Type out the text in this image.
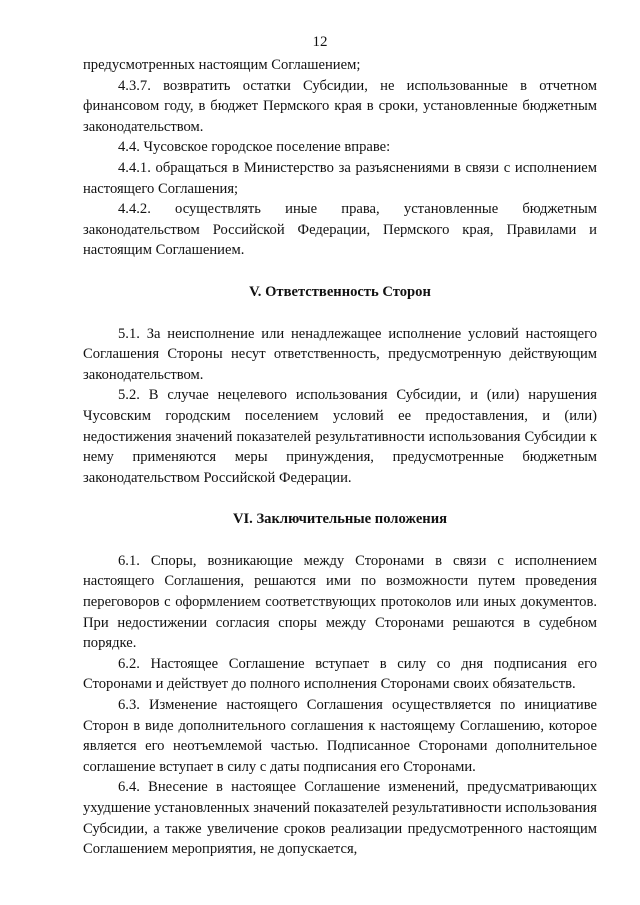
12

предусмотренных настоящим Соглашением;

4.3.7. возвратить остатки Субсидии, не использованные в отчетном финансовом году, в бюджет Пермского края в сроки, установленные бюджетным законодательством.

4.4. Чусовское городское поселение вправе:

4.4.1. обращаться в Министерство за разъяснениями в связи с исполнением настоящего Соглашения;

4.4.2. осуществлять иные права, установленные бюджетным законодательством Российской Федерации, Пермского края, Правилами и настоящим Соглашением.

V. Ответственность Сторон

5.1. За неисполнение или ненадлежащее исполнение условий настоящего Соглашения Стороны несут ответственность, предусмотренную действующим законодательством.

5.2. В случае нецелевого использования Субсидии, и (или) нарушения Чусовским городским поселением условий ее предоставления, и (или) недостижения значений показателей результативности использования Субсидии к нему применяются меры принуждения, предусмотренные бюджетным законодательством Российской Федерации.

VI. Заключительные положения

6.1. Споры, возникающие между Сторонами в связи с исполнением настоящего Соглашения, решаются ими по возможности путем проведения переговоров с оформлением соответствующих протоколов или иных документов. При недостижении согласия споры между Сторонами решаются в судебном порядке.

6.2. Настоящее Соглашение вступает в силу со дня подписания его Сторонами и действует до полного исполнения Сторонами своих обязательств.

6.3. Изменение настоящего Соглашения осуществляется по инициативе Сторон в виде дополнительного соглашения к настоящему Соглашению, которое является его неотъемлемой частью. Подписанное Сторонами дополнительное соглашение вступает в силу с даты подписания его Сторонами.

6.4. Внесение в настоящее Соглашение изменений, предусматривающих ухудшение установленных значений показателей результативности использования Субсидии, а также увеличение сроков реализации предусмотренного настоящим Соглашением мероприятия, не допускается,
